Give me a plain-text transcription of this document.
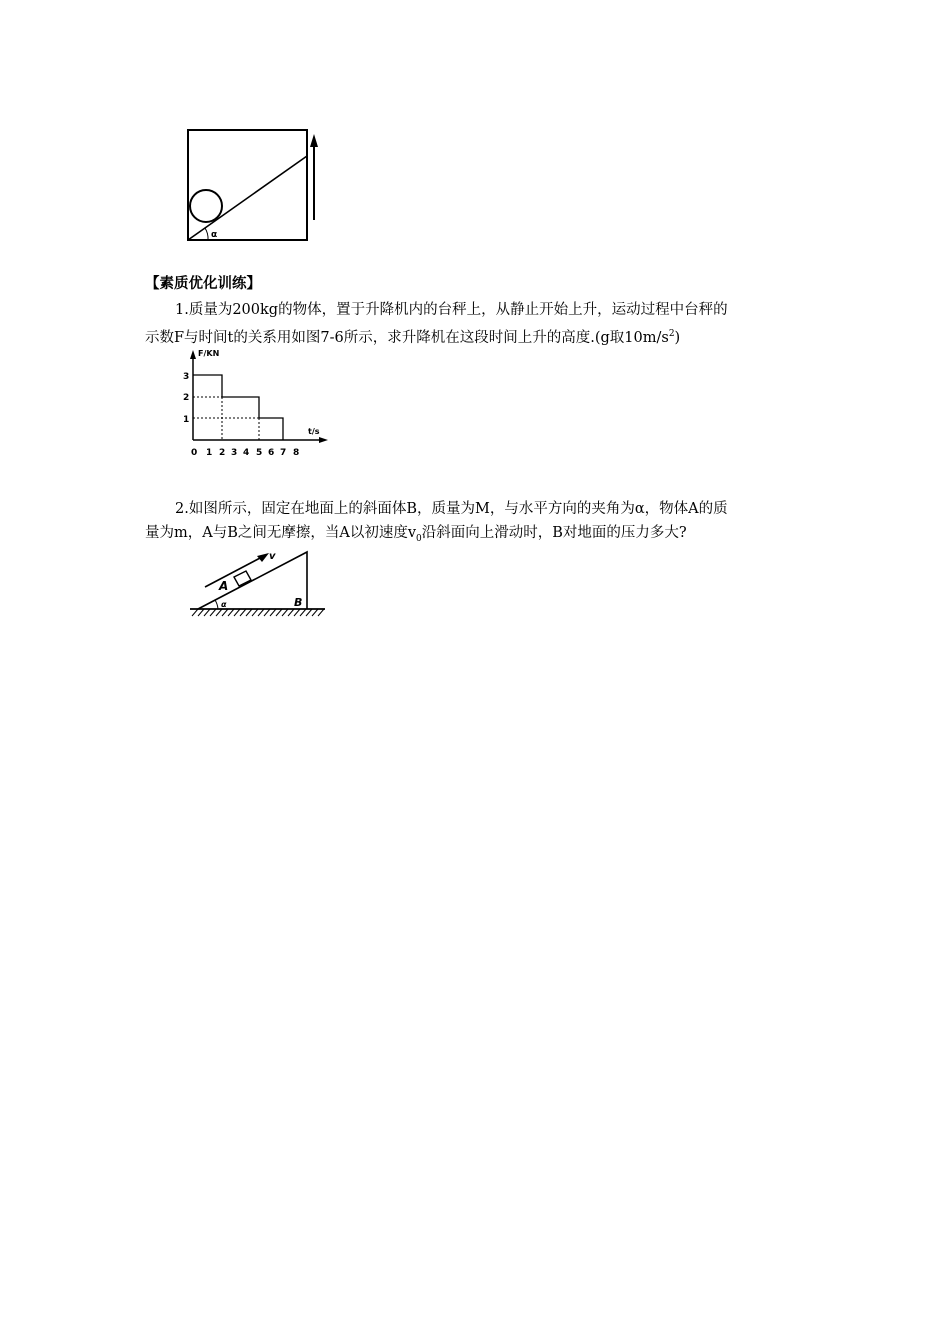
α
【素质优化训练】
1.质量为200kg的物体，置于升降机内的台秤上，从静止开始上升，运动过程中台秤的
示数F与时间t的关系用如图7-6所示，求升降机在这段时间上升的高度.(g取$10m/s^2$)
F/KN
t/s
3
2
1
0 1 2 3 4 5 6 7 8
2.如图所示，固定在地面上的斜面体B，质量为M，与水平方向的夹角为α，物体A的质
量为m，A与B之间无摩擦，当A以初速度$v_0$沿斜面向上滑动时，B对地面的压力多大?
v
A
α	B
